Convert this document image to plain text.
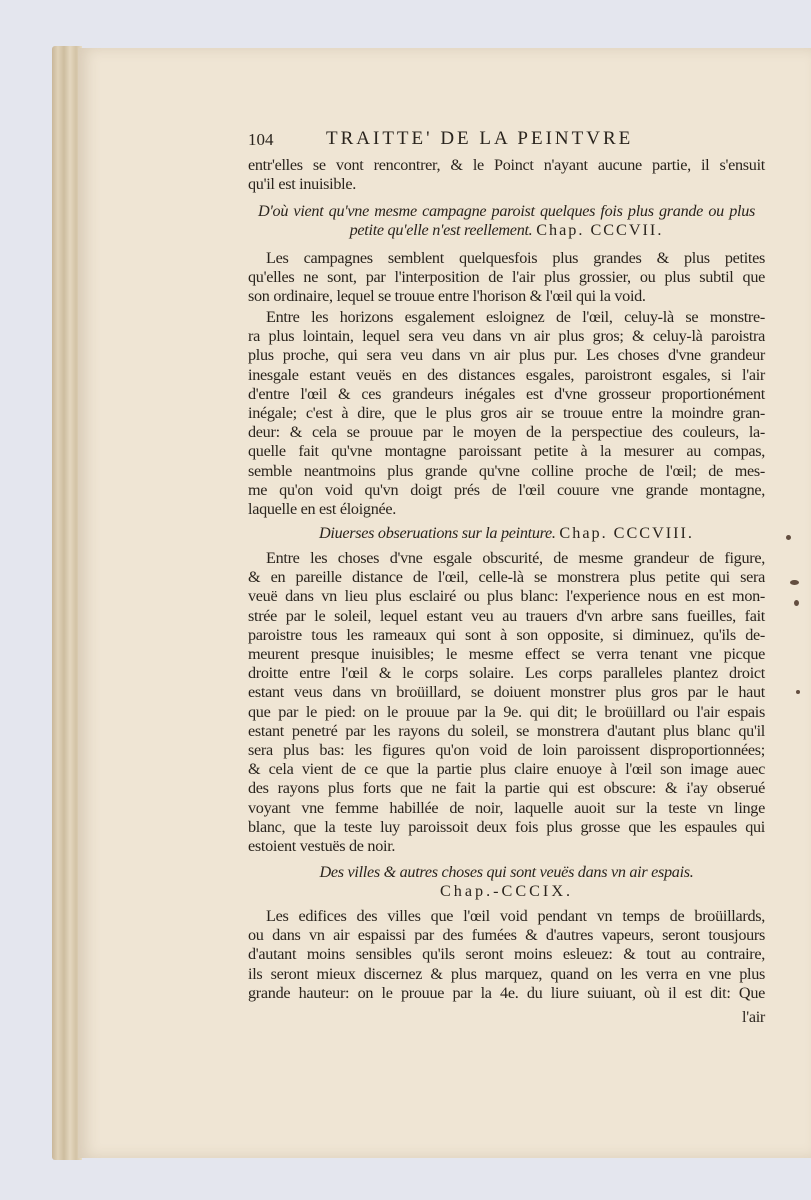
104	TRAITTE' DE LA PEINTVRE
entr'elles se vont rencontrer, & le Poinct n'ayant aucune partie, il s'ensuit
qu'il est inuisible.
D'où vient qu'vne mesme campagne paroist quelques fois plus grande ou plus
petite qu'elle n'est reellement. Chap. CCCVII.
Les campagnes semblent quelquesfois plus grandes & plus petites
qu'elles ne sont, par l'interposition de l'air plus grossier, ou plus subtil que
son ordinaire, lequel se trouue entre l'horison & l'œil qui la void.
Entre les horizons esgalement esloignez de l'œil, celuy-là se monstre-
ra plus lointain, lequel sera veu dans vn air plus gros; & celuy-là paroistra
plus proche, qui sera veu dans vn air plus pur. Les choses d'vne grandeur
inesgale estant veuës en des distances esgales, paroistront esgales, si l'air
d'entre l'œil & ces grandeurs inégales est d'vne grosseur proportionément
inégale; c'est à dire, que le plus gros air se trouue entre la moindre gran-
deur: & cela se prouue par le moyen de la perspectiue des couleurs, la-
quelle fait qu'vne montagne paroissant petite à la mesurer au compas,
semble neantmoins plus grande qu'vne colline proche de l'œil; de mes-
me qu'on void qu'vn doigt prés de l'œil couure vne grande montagne,
laquelle en est éloignée.
Diuerses obseruations sur la peinture. Chap. CCCVIII.
Entre les choses d'vne esgale obscurité, de mesme grandeur de figure,
& en pareille distance de l'œil, celle-là se monstrera plus petite qui sera
veuë dans vn lieu plus esclairé ou plus blanc: l'experience nous en est mon-
strée par le soleil, lequel estant veu au trauers d'vn arbre sans fueilles, fait
paroistre tous les rameaux qui sont à son opposite, si diminuez, qu'ils de-
meurent presque inuisibles; le mesme effect se verra tenant vne picque
droitte entre l'œil & le corps solaire. Les corps paralleles plantez droict
estant veus dans vn broüillard, se doiuent monstrer plus gros par le haut
que par le pied: on le prouue par la 9e. qui dit; le broüillard ou l'air espais
estant penetré par les rayons du soleil, se monstrera d'autant plus blanc qu'il
sera plus bas: les figures qu'on void de loin paroissent disproportionnées;
& cela vient de ce que la partie plus claire enuoye à l'œil son image auec
des rayons plus forts que ne fait la partie qui est obscure: & i'ay obserué
voyant vne femme habillée de noir, laquelle auoit sur la teste vn linge
blanc, que la teste luy paroissoit deux fois plus grosse que les espaules qui
estoient vestuës de noir.
Des villes & autres choses qui sont veuës dans vn air espais.
Chap.-CCCIX.
Les edifices des villes que l'œil void pendant vn temps de broüillards,
ou dans vn air espaissi par des fumées & d'autres vapeurs, seront tousjours
d'autant moins sensibles qu'ils seront moins esleuez: & tout au contraire,
ils seront mieux discernez & plus marquez, quand on les verra en vne plus
grande hauteur: on le prouue par la 4e. du liure suiuant, où il est dit: Que
l'air
